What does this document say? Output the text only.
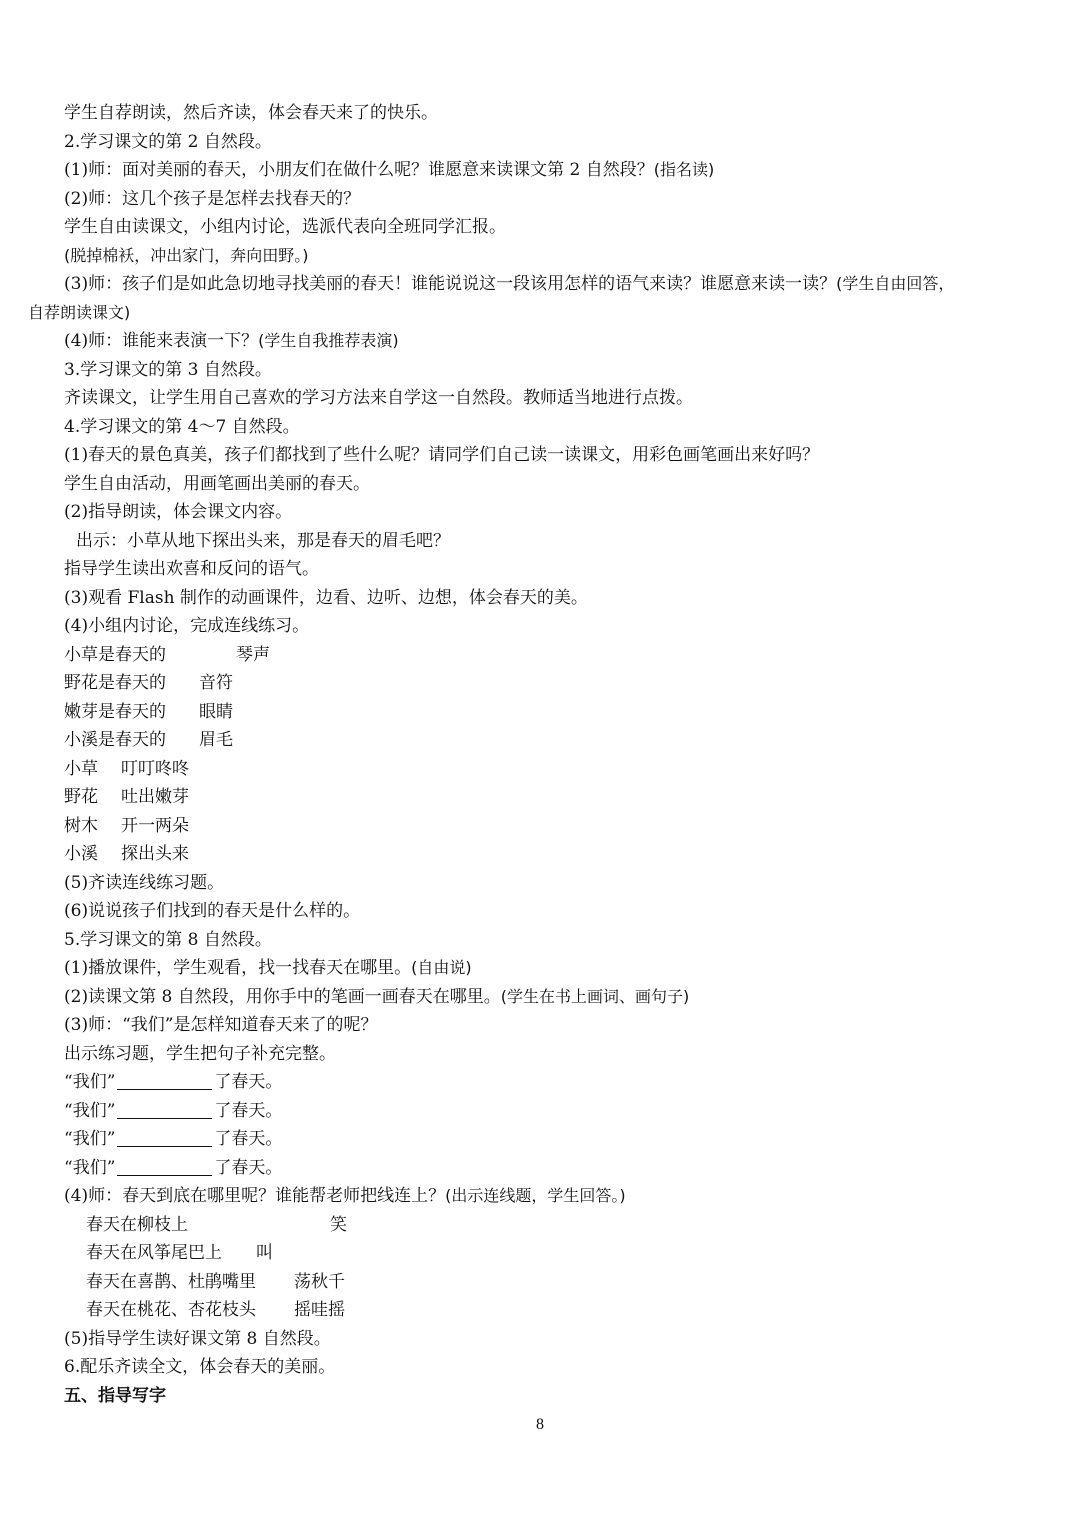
学生自荐朗读，然后齐读，体会春天来了的快乐。
2.学习课文的第 2 自然段。
(1)师：面对美丽的春天，小朋友们在做什么呢？谁愿意来读课文第 2 自然段？(指名读)
(2)师：这几个孩子是怎样去找春天的？
学生自由读课文，小组内讨论，选派代表向全班同学汇报。
(脱掉棉袄，冲出家门，奔向田野。)
(3)师：孩子们是如此急切地寻找美丽的春天！谁能说说这一段该用怎样的语气来读？谁愿意来读一读？(学生自由回答，
自荐朗读课文)
(4)师：谁能来表演一下？(学生自我推荐表演)
3.学习课文的第 3 自然段。
齐读课文，让学生用自己喜欢的学习方法来自学这一自然段。教师适当地进行点拨。
4.学习课文的第 4～7 自然段。
(1)春天的景色真美，孩子们都找到了些什么呢？请同学们自己读一读课文，用彩色画笔画出来好吗？
学生自由活动，用画笔画出美丽的春天。
(2)指导朗读，体会课文内容。
出示：小草从地下探出头来，那是春天的眉毛吧？
指导学生读出欢喜和反问的语气。
(3)观看 Flash 制作的动画课件，边看、边听、边想，体会春天的美。
(4)小组内讨论，完成连线练习。
小草是春天的	琴声
野花是春天的 音符
嫩芽是春天的 眼睛
小溪是春天的 眉毛
小草 叮叮咚咚
野花 吐出嫩芽
树木 开一两朵
小溪 探出头来
(5)齐读连线练习题。
(6)说说孩子们找到的春天是什么样的。
5.学习课文的第 8 自然段。
(1)播放课件，学生观看，找一找春天在哪里。(自由说)
(2)读课文第 8 自然段，用你手中的笔画一画春天在哪里。(学生在书上画词、画句子)
(3)师：“我们”是怎样知道春天来了的呢？
出示练习题，学生把句子补充完整。
“我们”	了春天。
“我们”	了春天。
“我们”	了春天。
“我们”	了春天。
(4)师：春天到底在哪里呢？谁能帮老师把线连上？(出示连线题，学生回答。)
春天在柳枝上	笑
春天在风筝尾巴上 叫
春天在喜鹊、杜鹃嘴里 荡秋千
春天在桃花、杏花枝头 摇哇摇
(5)指导学生读好课文第 8 自然段。
6.配乐齐读全文，体会春天的美丽。
五、指导写字
8
